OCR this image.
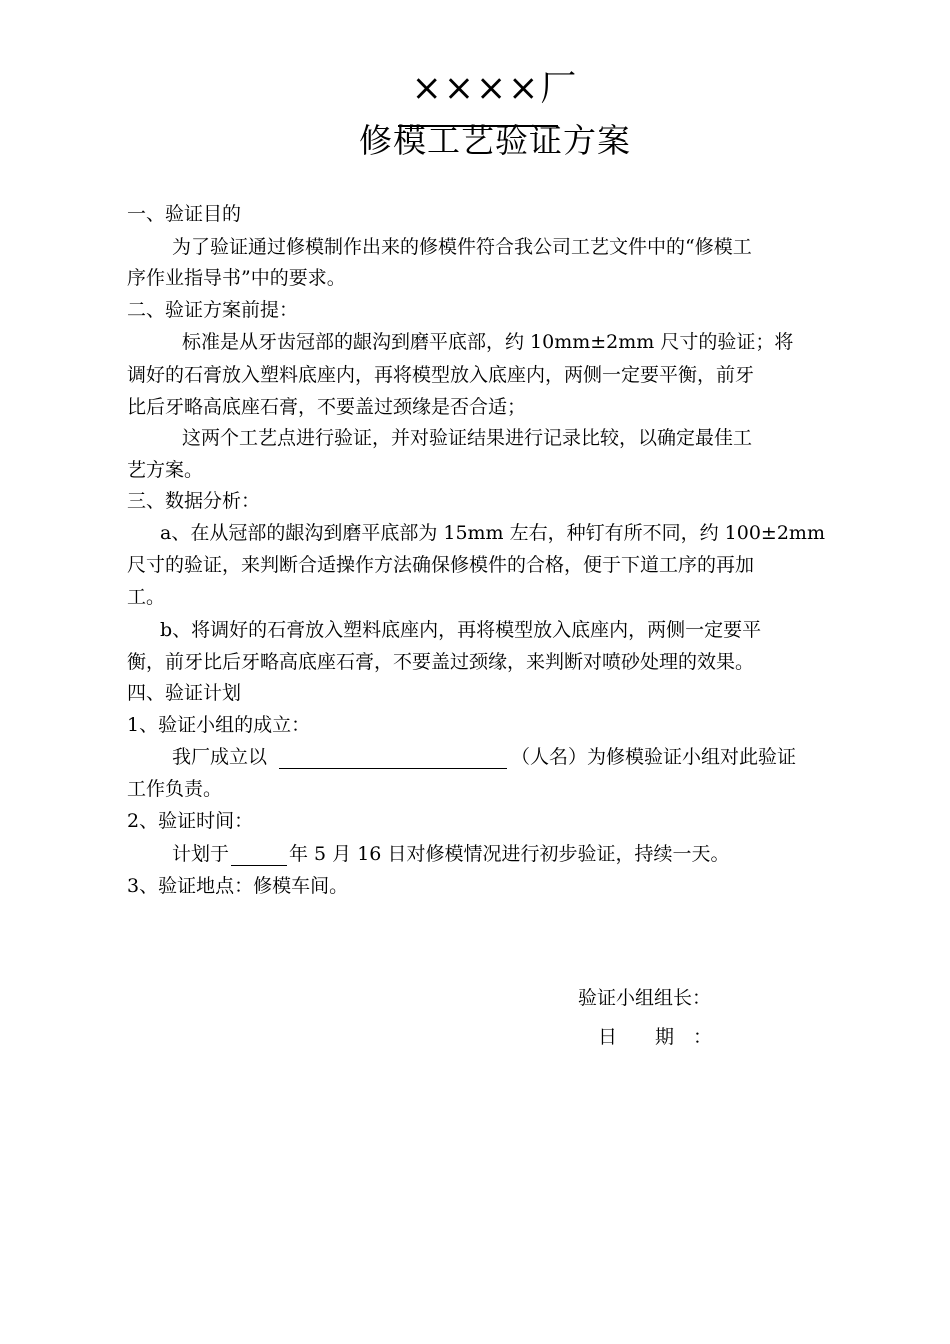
××××厂
修模工艺验证方案
一、验证目的
为了验证通过修模制作出来的修模件符合我公司工艺文件中的“修模工
序作业指导书”中的要求。
二、验证方案前提：
标准是从牙齿冠部的龈沟到磨平底部，约 10mm±2mm 尺寸的验证；将
调好的石膏放入塑料底座内，再将模型放入底座内，两侧一定要平衡，前牙
比后牙略高底座石膏，不要盖过颈缘是否合适；
这两个工艺点进行验证，并对验证结果进行记录比较，以确定最佳工
艺方案。
三、数据分析：
a、在从冠部的龈沟到磨平底部为 15mm 左右，种钉有所不同，约 100±2mm
尺寸的验证，来判断合适操作方法确保修模件的合格，便于下道工序的再加
工。
b、将调好的石膏放入塑料底座内，再将模型放入底座内，两侧一定要平
衡，前牙比后牙略高底座石膏，不要盖过颈缘，来判断对喷砂处理的效果。
四、验证计划
1、验证小组的成立：
我厂成立以	（人名）为修模验证小组对此验证
工作负责。
2、验证时间：
计划于	年 5 月 16 日对修模情况进行初步验证，持续一天。
3、验证地点：修模车间。
验证小组组长：
日　　期　：
